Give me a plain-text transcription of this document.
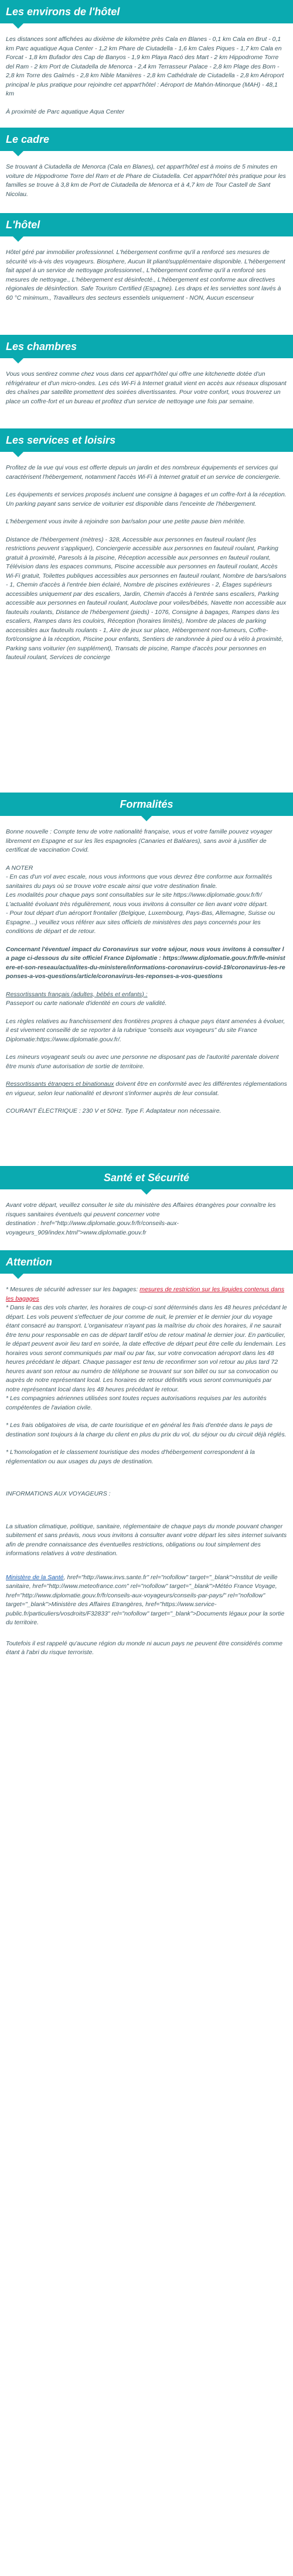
Les environs de l'hôtel

Les distances sont affichées au dixième de kilomètre près Cala en Blanes - 0,1 km Cala en Brut - 0,1 km Parc aquatique Aqua Center - 1,2 km Phare de Ciutadella - 1,6 km Cales Piques - 1,7 km Cala en Forcat - 1,8 km Bufador des Cap de Banyos - 1,9 km Playa Racó des Mart - 2 km Hippodrome Torre del Ram - 2 km Port de Ciutadella de Menorca - 2,4 km Terrasseur Palace - 2,8 km Plage des Born - 2,8 km Torre des Galmés - 2,8 km Nible Manières - 2,8 km Cathédrale de Ciutadella - 2,8 km Aéroport principal le plus pratique pour rejoindre cet appart'hôtel : Aéroport de Mahón-Minorque (MAH) - 48,1 km

À proximité de Parc aquatique Aqua Center

Le cadre

Se trouvant à Ciutadella de Menorca (Cala en Blanes), cet appart'hôtel est à moins de 5 minutes en voiture de Hippodrome Torre del Ram et de Phare de Ciutadella. Cet appart'hôtel très pratique pour les familles se trouve à 3,8 km de Port de Ciutadella de Menorca et à 4,7 km de Tour Castell de Sant Nicolau.

L'hôtel

Hôtel géré par immobilier professionnel. L'hébergement confirme qu'il a renforcé ses mesures de sécurité vis-à-vis des voyageurs. Biosphere, Aucun lit pliant/supplémentaire disponible. L'hébergement fait appel à un service de nettoyage professionnel., L'hébergement confirme qu'il a renforcé ses mesures de nettoyage., L'hébergement est désinfecté., L'hébergement est conforme aux directives régionales de désinfection. Safe Tourism Certified (Espagne). Les draps et les serviettes sont lavés à 60 °C minimum., Travailleurs des secteurs essentiels uniquement - NON, Aucun escenseur

Les chambres

Vous vous sentirez comme chez vous dans cet appart'hôtel qui offre une kitchenette dotée d'un réfrigérateur et d'un micro-ondes. Les cés Wi-Fi à Internet gratuit vient en accès aux réseaux disposant des chaînes par satellite promettent des soirées divertissantes. Pour votre confort, vous trouverez un place un coffre-fort et un bureau et profitez d'un service de nettoyage une fois par semaine.

Les services et loisirs

Profitez de la vue qui vous est offerte depuis un jardin et des nombreux équipements et services qui caractérisent l'hébergement, notamment l'accès Wi-Fi à Internet gratuit et un service de conciergerie.

Les équipements et services proposés incluent une consigne à bagages et un coffre-fort à la réception. Un parking payant sans service de voiturier est disponible dans l'enceinte de l'hébergement.

L'hébergement vous invite à rejoindre son bar/salon pour une petite pause bien méritée.

Distance de l'hébergement (mètres) - 328, Accessible aux personnes en fauteuil roulant (les restrictions peuvent s'appliquer), Conciergerie accessible aux personnes en fauteuil roulant, Parking gratuit à proximité, Paresols à la piscine, Réception accessible aux personnes en fauteuil roulant, Télévision dans les espaces communs, Piscine accessible aux personnes en fauteuil roulant, Accès Wi-Fi gratuit, Toilettes publiques accessibles aux personnes en fauteuil roulant, Nombre de bars/salons - 1, Chemin d'accès à l'entrée bien éclairé, Nombre de piscines extérieures - 2, Étages supérieurs accessibles uniquement par des escaliers, Jardin, Chemin d'accès à l'entrée sans escaliers, Parking accessible aux personnes en fauteuil roulant, Autoclave pour voiles/bébés, Navette non accessible aux fauteuils roulants, Distance de l'hébergement (pieds) - 1076, Consigne à bagages, Rampes dans les escaliers, Rampes dans les couloirs, Réception (horaires limités), Nombre de places de parking accessibles aux fauteuils roulants - 1, Aire de jeux sur place, Hébergement non-fumeurs, Coffre-fort/consigne à la réception, Piscine pour enfants, Sentiers de randonnée à pied ou à vélo à proximité, Parking sans voiturier (en supplément), Transats de piscine, Rampe d'accès pour personnes en fauteuil roulant, Services de concierge

Formalités

Bonne nouvelle : Compte tenu de votre nationalité française, vous et votre famille pouvez voyager librement en Espagne et sur les îles espagnoles (Canaries et Baléares), sans avoir à justifier de certificat de vaccination Covid.

A NOTER
- En cas d'un vol avec escale, nous vous informons que vous devrez être conforme aux formalités sanitaires du pays où se trouve votre escale ainsi que votre destination finale.
Les modalités pour chaque pays sont consultables sur le site https://www.diplomatie.gouv.fr/fr/ L'actualité évoluant très régulièrement, nous vous invitons à consulter ce lien avant votre départ.
- Pour tout départ d'un aéroport frontalier (Belgique, Luxembourg, Pays-Bas, Allemagne, Suisse ou Espagne...) veuillez vous référer aux sites officiels de ministères des pays concernés pour les conditions de départ et de retour.

Concernant l'éventuel impact du Coronavirus sur votre séjour, nous vous invitons à consulter la page ci-dessous du site officiel France Diplomatie : https://www.diplomatie.gouv.fr/fr/le-ministere-et-son-reseau/actualites-du-ministere/informations-coronavirus-covid-19/coronavirus-les-reponses-a-vos-questions/article/coronavirus-les-reponses-a-vos-questions

Ressortissants français (adultes, bébés et enfants) :
Passeport ou carte nationale d'identité en cours de validité.

Les règles relatives au franchissement des frontières propres à chaque pays étant amenées à évoluer, il est vivement conseillé de se reporter à la rubrique "conseils aux voyageurs" du site France Diplomatie:https://www.diplomatie.gouv.fr/.

Les mineurs voyageant seuls ou avec une personne ne disposant pas de l'autorité parentale doivent être munis d'une autorisation de sortie de territoire.

Ressortissants étrangers et binationaux doivent être en conformité avec les différentes réglementations en vigueur, selon leur nationalité et devront s'informer auprès de leur consulat.

COURANT ÉLECTRIQUE : 230 V et 50Hz. Type F. Adaptateur non nécessaire.

Santé et Sécurité

Avant votre départ, veuillez consulter le site du ministère des Affaires étrangères pour connaître les risques sanitaires éventuels qui peuvent concerner votre
destination : href="http://www.diplomatie.gouv.fr/fr/conseils-aux-voyageurs_909/index.html">www.diplomatie.gouv.fr

Attention

* Mesures de sécurité adresser sur les bagages: mesures de restriction sur les liquides contenus dans les bagages
* Dans le cas des vols charter, les horaires de coup-ci sont déterminés dans les 48 heures précédant le départ. Les vols peuvent s'effectuer de jour comme de nuit, le premier et le dernier jour du voyage étant consacré au transport. L'organisateur n'ayant pas la maîtrise du choix des horaires, il ne saurait être tenu pour responsable en cas de départ tardif et/ou de retour matinal le dernier jour. En particulier, le départ peuvent avoir lieu tard en soirée, la date effective de départ peut être celle du lendemain. Les horaires vous seront communiqués par mail ou par fax, sur votre convocation aéroport dans les 48 heures précédant le départ. Chaque passager est tenu de reconfirmer son vol retour au plus tard 72 heures avant son retour au numéro de téléphone se trouvant sur son billet ou sur sa convocation ou auprès de notre représentant local. Les horaires de retour définitifs vous seront communiqués par notre représentant local dans les 48 heures précédant le retour.
* Les compagnies aériennes utilisées sont toutes reçues autorisations requises par les autorités compétentes de l'aviation civile.

* Les frais obligatoires de visa, de carte touristique et en général les frais d'entrée dans le pays de destination sont toujours à la charge du client en plus du prix du vol, du séjour ou du circuit déjà réglés.

* L'homologation et le classement touristique des modes d'hébergement correspondent à la réglementation ou aux usages du pays de destination.

INFORMATIONS AUX VOYAGEURS :

La situation climatique, politique, sanitaire, réglementaire de chaque pays du monde pouvant changer subitement et sans préavis, nous vous invitons à consulter avant votre départ les sites internet suivants afin de prendre connaissance des éventuelles restrictions, obligations ou tout simplement des informations relatives à votre destination.

Ministère de la Santé, href="http://www.invs.sante.fr" rel="nofollow" target="_blank">Institut de veille sanitaire, href="http://www.meteofrance.com" rel="nofollow" target="_blank">Météo France Voyage, href="http://www.diplomatie.gouv.fr/fr/conseils-aux-voyageurs/conseils-par-pays/" rel="nofollow" target="_blank">Ministère des Affaires Etrangères, href="https://www.service-public.fr/particuliers/vosdroits/F32833" rel="nofollow" target="_blank">Documents légaux pour la sortie du territoire.

Toutefois il est rappelé qu'aucune région du monde ni aucun pays ne peuvent être considérés comme étant à l'abri du risque terroriste.
